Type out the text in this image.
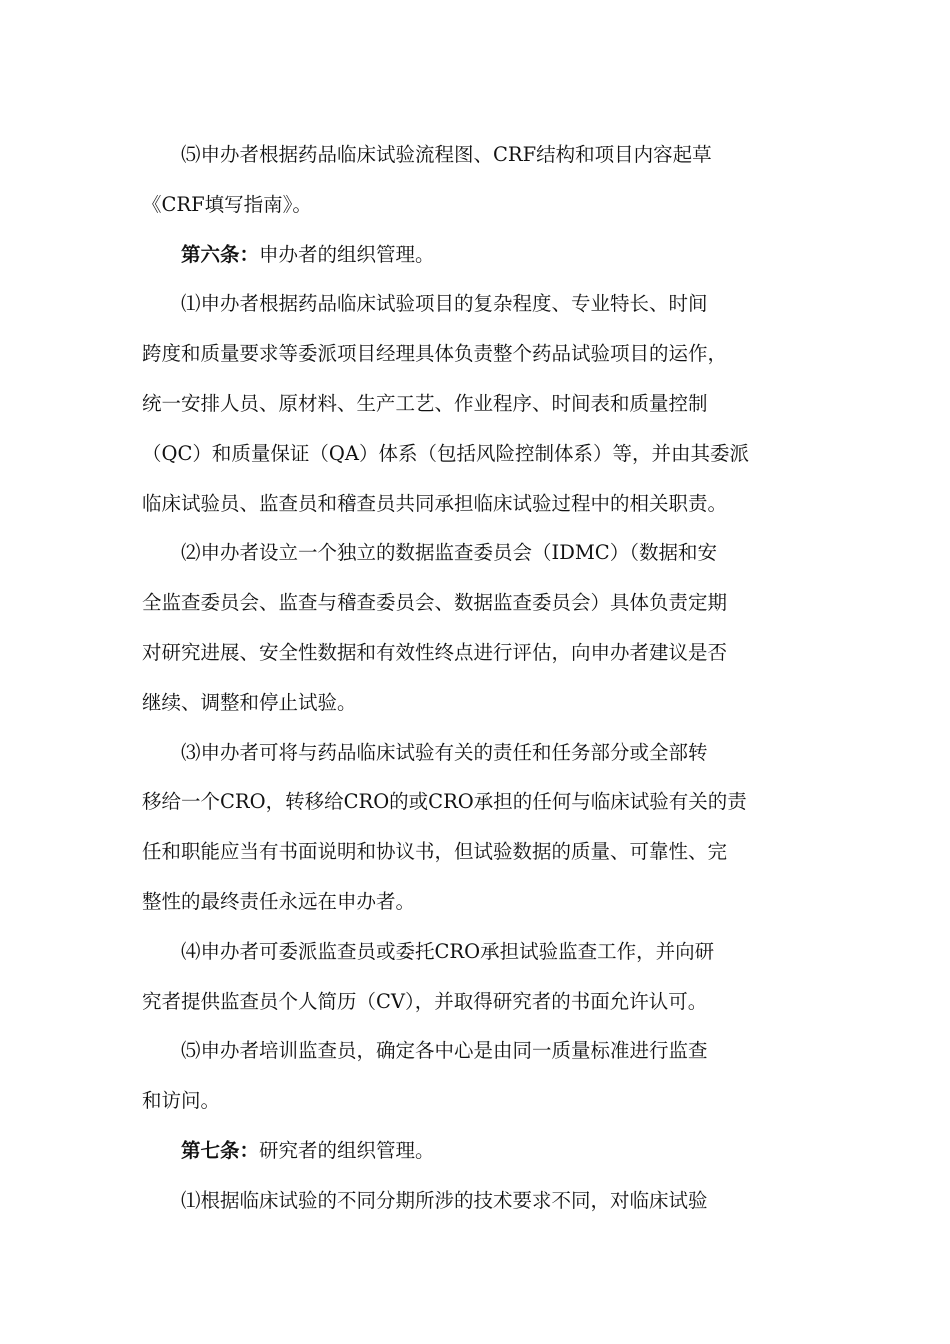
⑸申办者根据药品临床试验流程图、CRF结构和项目内容起草
《CRF填写指南》。

第六条：申办者的组织管理。

⑴申办者根据药品临床试验项目的复杂程度、专业特长、时间
跨度和质量要求等委派项目经理具体负责整个药品试验项目的运作，
统一安排人员、原材料、生产工艺、作业程序、时间表和质量控制
（QC）和质量保证（QA）体系（包括风险控制体系）等，并由其委派
临床试验员、监查员和稽查员共同承担临床试验过程中的相关职责。

⑵申办者设立一个独立的数据监查委员会（IDMC）（数据和安
全监查委员会、监查与稽查委员会、数据监查委员会）具体负责定期
对研究进展、安全性数据和有效性终点进行评估，向申办者建议是否
继续、调整和停止试验。

⑶申办者可将与药品临床试验有关的责任和任务部分或全部转
移给一个CRO，转移给CRO的或CRO承担的任何与临床试验有关的责
任和职能应当有书面说明和协议书，但试验数据的质量、可靠性、完
整性的最终责任永远在申办者。

⑷申办者可委派监查员或委托CRO承担试验监查工作，并向研
究者提供监查员个人简历（CV），并取得研究者的书面允许认可。

⑸申办者培训监查员，确定各中心是由同一质量标准进行监查
和访问。

第七条：研究者的组织管理。

⑴根据临床试验的不同分期所涉的技术要求不同，对临床试验
